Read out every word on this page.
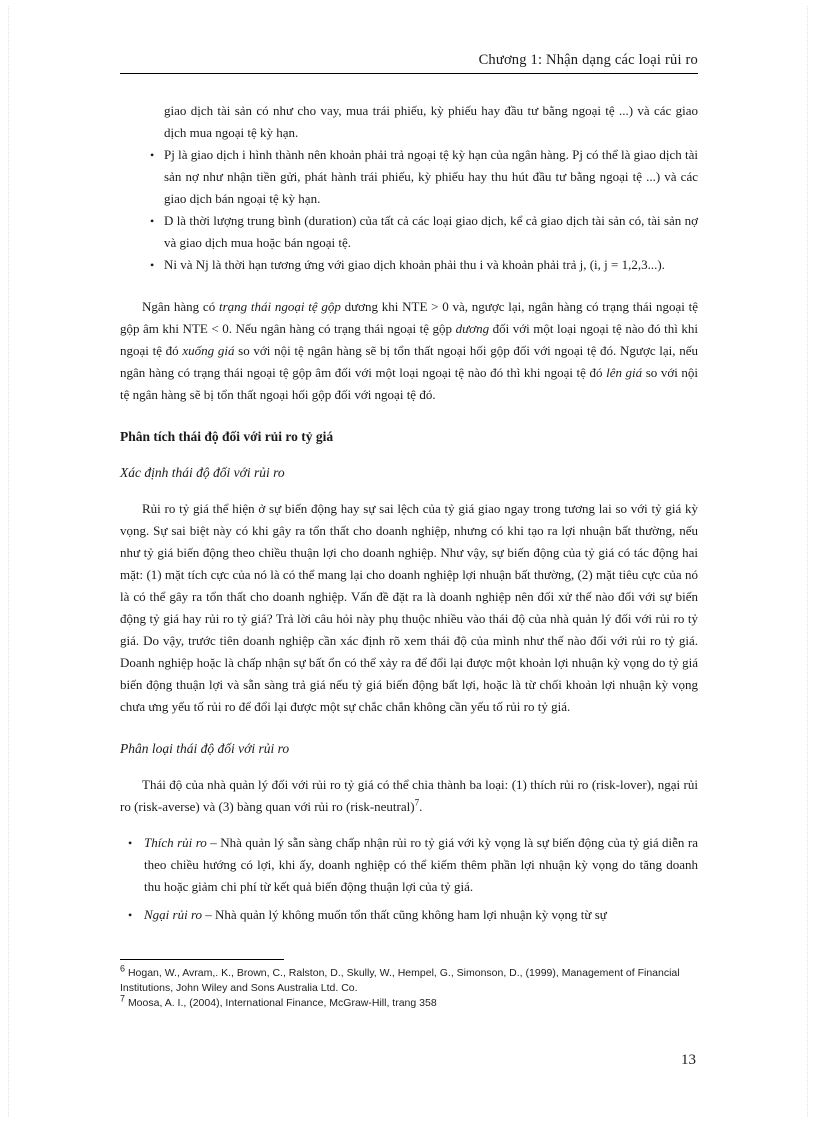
Chương 1: Nhận dạng các loại rủi ro
giao dịch tài sản có như cho vay, mua trái phiếu, kỳ phiếu hay đầu tư bằng ngoại tệ ...) và các giao dịch mua ngoại tệ kỳ hạn.
• Pj là giao dịch i hình thành nên khoản phải trả ngoại tệ kỳ hạn của ngân hàng. Pj có thể là giao dịch tài sản nợ như nhận tiền gửi, phát hành trái phiếu, kỳ phiếu hay thu hút đầu tư bằng ngoại tệ ...) và các giao dịch bán ngoại tệ kỳ hạn.
• D là thời lượng trung bình (duration) của tất cả các loại giao dịch, kể cả giao dịch tài sản có, tài sản nợ và giao dịch mua hoặc bán ngoại tệ.
• Ni và Nj là thời hạn tương ứng với giao dịch khoản phải thu i và khoản phải trả j, (i, j = 1,2,3...).

Ngân hàng có trạng thái ngoại tệ gộp dương khi NTE > 0 và, ngược lại, ngân hàng có trạng thái ngoại tệ gộp âm khi NTE < 0. Nếu ngân hàng có trạng thái ngoại tệ gộp dương đối với một loại ngoại tệ nào đó thì khi ngoại tệ đó xuống giá so với nội tệ ngân hàng sẽ bị tổn thất ngoại hối gộp đối với ngoại tệ đó. Ngược lại, nếu ngân hàng có trạng thái ngoại tệ gộp âm đối với một loại ngoại tệ nào đó thì khi ngoại tệ đó lên giá so với nội tệ ngân hàng sẽ bị tổn thất ngoại hối gộp đối với ngoại tệ đó.

Phân tích thái độ đối với rủi ro tỷ giá

Xác định thái độ đối với rủi ro

Rủi ro tỷ giá thể hiện ở sự biến động hay sự sai lệch của tỷ giá giao ngay trong tương lai so với tỷ giá kỳ vọng. Sự sai biệt này có khi gây ra tổn thất cho doanh nghiệp, nhưng có khi tạo ra lợi nhuận bất thường, nếu như tỷ giá biến động theo chiều thuận lợi cho doanh nghiệp. Như vậy, sự biến động của tỷ giá có tác động hai mặt: (1) mặt tích cực của nó là có thể mang lại cho doanh nghiệp lợi nhuận bất thường, (2) mặt tiêu cực của nó là có thể gây ra tổn thất cho doanh nghiệp. Vấn đề đặt ra là doanh nghiệp nên đối xử thế nào đối với sự biến động tỷ giá hay rủi ro tỷ giá? Trả lời câu hỏi này phụ thuộc nhiều vào thái độ của nhà quản lý đối với rủi ro tỷ giá. Do vậy, trước tiên doanh nghiệp cần xác định rõ xem thái độ của mình như thế nào đối với rủi ro tỷ giá. Doanh nghiệp hoặc là chấp nhận sự bất ổn có thể xảy ra để đổi lại được một khoản lợi nhuận kỳ vọng do tỷ giá biến động thuận lợi và sẵn sàng trả giá nếu tỷ giá biến động bất lợi, hoặc là từ chối khoản lợi nhuận kỳ vọng chưa ưng yếu tố rủi ro để đổi lại được một sự chắc chắn không cần yếu tố rủi ro tỷ giá.

Phân loại thái độ đối với rủi ro

Thái độ của nhà quản lý đối với rủi ro tỷ giá có thể chia thành ba loại: (1) thích rủi ro (risk-lover), ngại rủi ro (risk-averse) và (3) bàng quan với rủi ro (risk-neutral)$^7$.

• Thích rủi ro – Nhà quản lý sẵn sàng chấp nhận rủi ro tỷ giá với kỳ vọng là sự biến động của tỷ giá diễn ra theo chiều hướng có lợi, khi ấy, doanh nghiệp có thể kiếm thêm phần lợi nhuận kỳ vọng do tăng doanh thu hoặc giảm chi phí từ kết quả biến động thuận lợi của tỷ giá.
• Ngại rủi ro – Nhà quản lý không muốn tổn thất cũng không ham lợi nhuận kỳ vọng từ sự

$^6$ Hogan, W., Avram,. K., Brown, C., Ralston, D., Skully, W., Hempel, G., Simonson, D., (1999), Management of Financial Institutions, John Wiley and Sons Australia Ltd. Co.

$^7$ Moosa, A. I., (2004), International Finance, McGraw-Hill, trang 358

13
